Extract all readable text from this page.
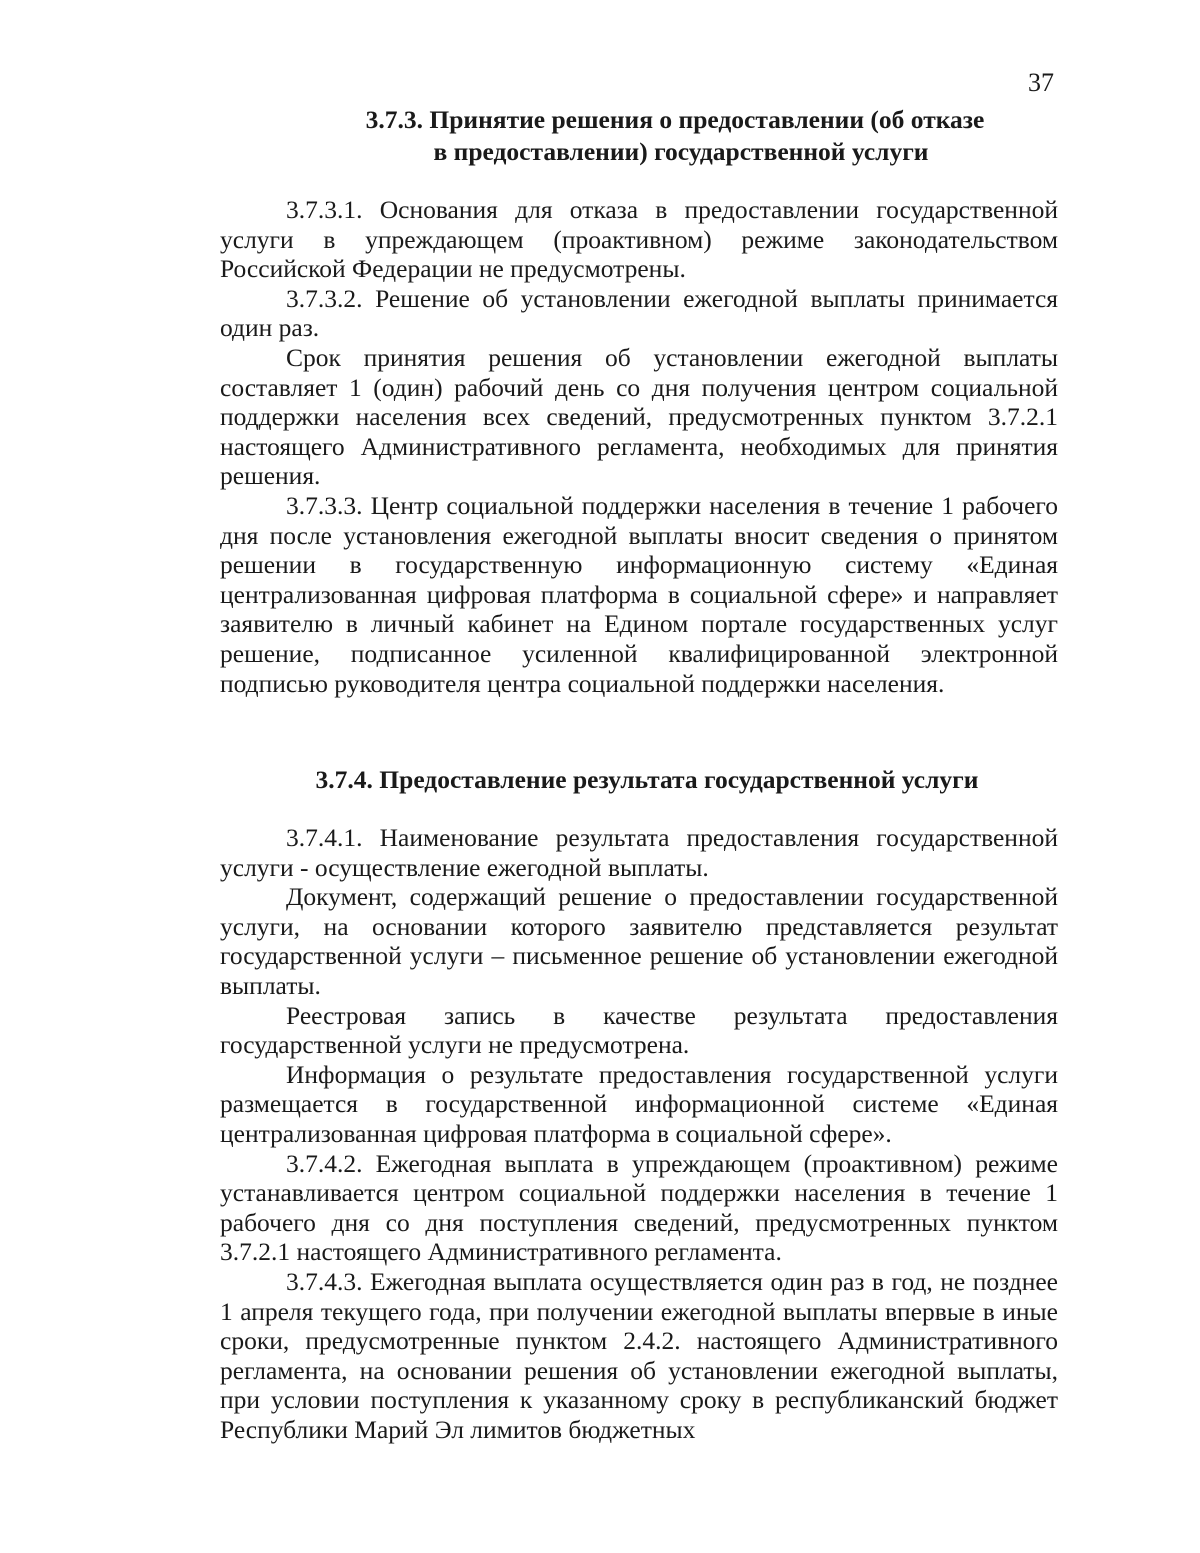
37
3.7.3. Принятие решения о предоставлении (об отказе
в предоставлении) государственной услуги

3.7.3.1. Основания для отказа в предоставлении государственной услуги в упреждающем (проактивном) режиме законодательством Российской Федерации не предусмотрены.

3.7.3.2. Решение об установлении ежегодной выплаты принимается один раз.

Срок принятия решения об установлении ежегодной выплаты составляет 1 (один) рабочий день со дня получения центром социальной поддержки населения всех сведений, предусмотренных пунктом 3.7.2.1 настоящего Административного регламента, необходимых для принятия решения.

3.7.3.3. Центр социальной поддержки населения в течение 1 рабочего дня после установления ежегодной выплаты вносит сведения о принятом решении в государственную информационную систему «Единая централизованная цифровая платформа в социальной сфере» и направляет заявителю в личный кабинет на Едином портале государственных услуг решение, подписанное усиленной квалифицированной электронной подписью руководителя центра социальной поддержки населения.

3.7.4. Предоставление результата государственной услуги

3.7.4.1. Наименование результата предоставления государственной услуги - осуществление ежегодной выплаты.

Документ, содержащий решение о предоставлении государственной услуги, на основании которого заявителю представляется результат государственной услуги – письменное решение об установлении ежегодной выплаты.

Реестровая запись в качестве результата предоставления государственной услуги не предусмотрена.

Информация о результате предоставления государственной услуги размещается в государственной информационной системе «Единая централизованная цифровая платформа в социальной сфере».

3.7.4.2. Ежегодная выплата в упреждающем (проактивном) режиме устанавливается центром социальной поддержки населения в течение 1 рабочего дня со дня поступления сведений, предусмотренных пунктом 3.7.2.1 настоящего Административного регламента.

3.7.4.3. Ежегодная выплата осуществляется один раз в год, не позднее 1 апреля текущего года, при получении ежегодной выплаты впервые в иные сроки, предусмотренные пунктом 2.4.2. настоящего Административного регламента, на основании решения об установлении ежегодной выплаты, при условии поступления к указанному сроку в республиканский бюджет Республики Марий Эл лимитов бюджетных
